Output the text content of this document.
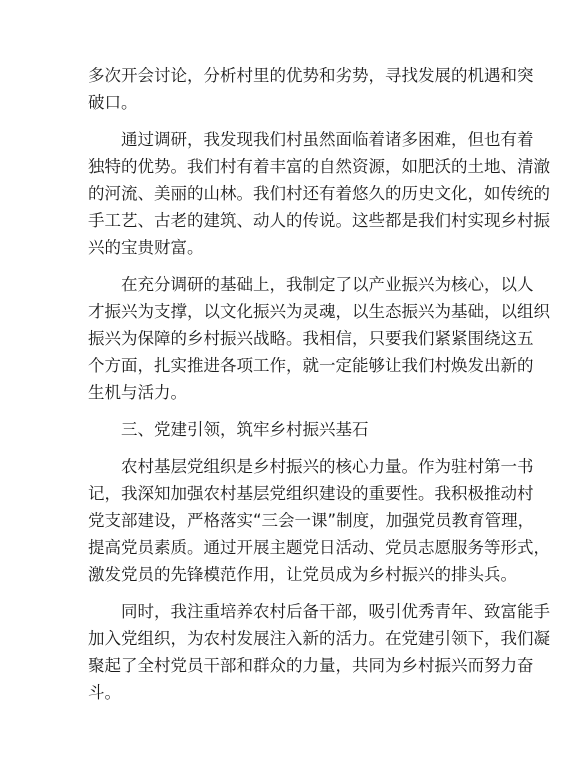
多次开会讨论，分析村里的优势和劣势，寻找发展的机遇和突
破口。

通过调研，我发现我们村虽然面临着诸多困难，但也有着
独特的优势。我们村有着丰富的自然资源，如肥沃的土地、清澈
的河流、美丽的山林。我们村还有着悠久的历史文化，如传统的
手工艺、古老的建筑、动人的传说。这些都是我们村实现乡村振
兴的宝贵财富。

在充分调研的基础上，我制定了以产业振兴为核心，以人
才振兴为支撑，以文化振兴为灵魂，以生态振兴为基础，以组织
振兴为保障的乡村振兴战略。我相信，只要我们紧紧围绕这五
个方面，扎实推进各项工作，就一定能够让我们村焕发出新的
生机与活力。

三、党建引领，筑牢乡村振兴基石

农村基层党组织是乡村振兴的核心力量。作为驻村第一书
记，我深知加强农村基层党组织建设的重要性。我积极推动村
党支部建设，严格落实“三会一课”制度，加强党员教育管理，
提高党员素质。通过开展主题党日活动、党员志愿服务等形式，
激发党员的先锋模范作用，让党员成为乡村振兴的排头兵。

同时，我注重培养农村后备干部，吸引优秀青年、致富能手
加入党组织，为农村发展注入新的活力。在党建引领下，我们凝
聚起了全村党员干部和群众的力量，共同为乡村振兴而努力奋
斗。
